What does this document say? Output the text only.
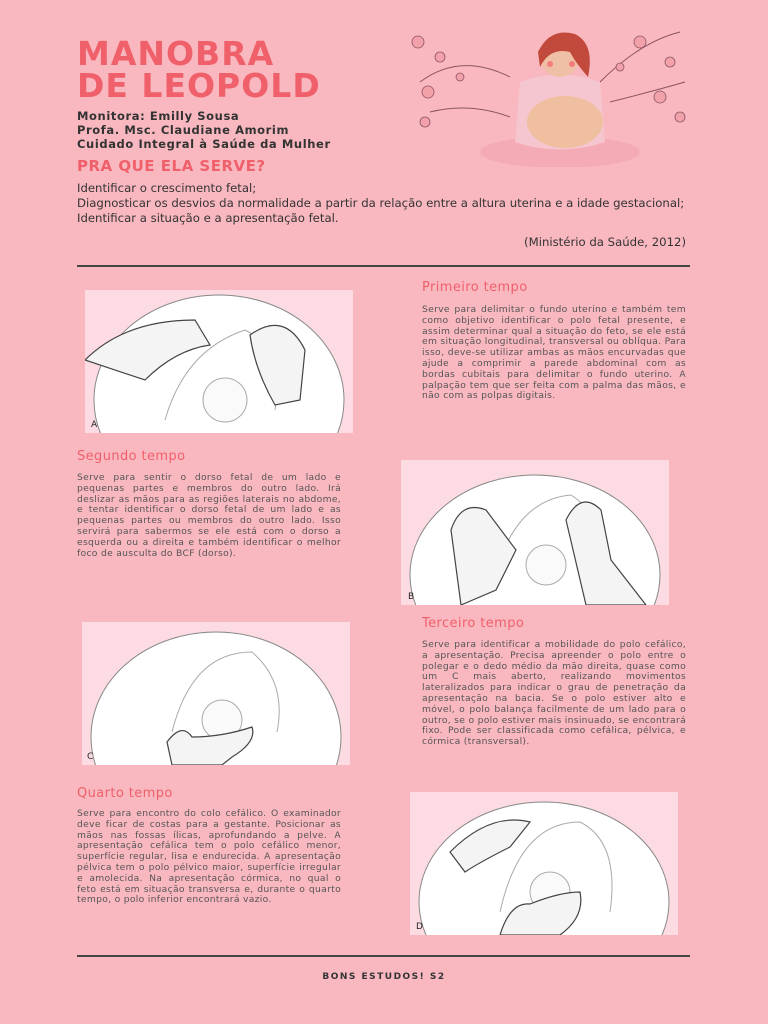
MANOBRA
DE LEOPOLD
Monitora: Emilly Sousa
Profa. Msc. Claudiane Amorim
Cuidado Integral à Saúde da Mulher
PRA QUE ELA SERVE?

Identificar o crescimento fetal;

Diagnosticar os desvios da normalidade a partir da relação entre a altura uterina e a idade gestacional;

Identificar a situação e a apresentação fetal.

(Ministério da Saúde, 2012)
A
Primeiro tempo
Serve para delimitar o fundo uterino e também tem como objetivo identificar o polo fetal presente, e assim determinar qual a situação do feto, se ele está em situação longitudinal, transversal ou oblíqua. Para isso, deve-se utilizar ambas as mãos encurvadas que ajude a comprimir a parede abdominal com as bordas cubitais para delimitar o fundo uterino. A palpação tem que ser feita com a palma das mãos, e não com as polpas digitais.
Segundo tempo
Serve para sentir o dorso fetal de um lado e pequenas partes e membros do outro lado. Irá deslizar as mãos para as regiões laterais no abdome, e tentar identificar o dorso fetal de um lado e as pequenas partes ou membros do outro lado. Isso servirá para sabermos se ele está com o dorso a esquerda ou a direita e também identificar o melhor foco de ausculta do BCF (dorso).
B
C
Terceiro tempo
Serve para identificar a mobilidade do polo cefálico, a apresentação. Precisa apreender o polo entre o polegar e o dedo médio da mão direita, quase como um C mais aberto, realizando movimentos lateralizados para indicar o grau de penetração da apresentação na bacia. Se o polo estiver alto e móvel, o polo balança facilmente de um lado para o outro, se o polo estiver mais insinuado, se encontrará fixo. Pode ser classificada como cefálica, pélvica, e córmica (transversal).
Quarto tempo
Serve para encontro do colo cefálico. O examinador deve ficar de costas para a gestante. Posicionar as mãos nas fossas ílicas, aprofundando a pelve. A apresentação cefálica tem o polo cefálico menor, superfície regular, lisa e endurecida. A apresentação pélvica tem o polo pélvico maior, superfície irregular e amolecida. Na apresentação córmica, no qual o feto está em situação transversa e, durante o quarto tempo, o polo inferior encontrará vazio.
D
BONS ESTUDOS! S2
